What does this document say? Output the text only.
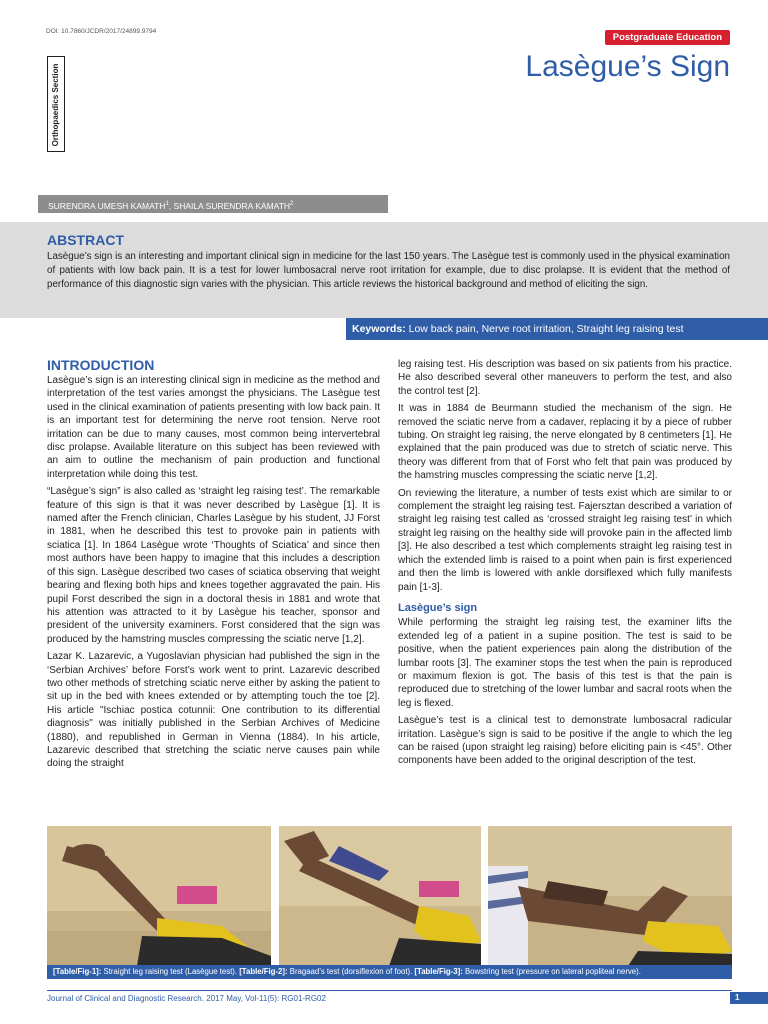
DOI: 10.7860/JCDR/2017/24899.9794
Postgraduate Education
Lasègue’s Sign
Orthopaedics Section
SURENDRA UMESH KAMATH$^1$, SHAILA SURENDRA KAMATH$^2$
ABSTRACT
Lasègue’s sign is an interesting and important clinical sign in medicine for the last 150 years. The Lasègue test is commonly used in the physical examination of patients with low back pain. It is a test for lower lumbosacral nerve root irritation for example, due to disc prolapse. It is evident that the method of performance of this diagnostic sign varies with the physician. This article reviews the historical background and method of eliciting the sign.
Keywords: Low back pain, Nerve root irritation, Straight leg raising test
INTRODUCTION

Lasègue’s sign is an interesting clinical sign in medicine as the method and interpretation of the test varies amongst the physicians. The Lasègue test used in the clinical examination of patients presenting with low back pain. It is an important test for determining the nerve root tension. Nerve root irritation can be due to many causes, most common being intervertebral disc prolapse. Available literature on this subject has been reviewed with an aim to outline the mechanism of pain production and functional interpretation while doing this test.

“Lasègue’s sign” is also called as ‘straight leg raising test’. The remarkable feature of this sign is that it was never described by Lasègue [1]. It is named after the French clinician, Charles Lasègue by his student, JJ Forst in 1881, when he described this test to provoke pain in patients with sciatica [1]. In 1864 Lasègue wrote ‘Thoughts of Sciatica’ and since then most authors have been happy to imagine that this includes a description of this sign. Lasègue described two cases of sciatica observing that weight bearing and flexing both hips and knees together aggravated the pain. His pupil Forst described the sign in a doctoral thesis in 1881 and wrote that his attention was attracted to it by Lasègue his teacher, sponsor and president of the university examiners. Forst considered that the sign was produced by the hamstring muscles compressing the sciatic nerve [1,2].

Lazar K. Lazarevic, a Yugoslavian physician had published the sign in the ‘Serbian Archives’ before Forst’s work went to print. Lazarevic described two other methods of stretching sciatic nerve either by asking the patient to sit up in the bed with knees extended or by attempting touch the toe [2]. His article "Ischiac postica cotunnii: One contribution to its differential diagnosis" was initially published in the Serbian Archives of Medicine (1880), and republished in German in Vienna (1884). In his article, Lazarevic described that stretching the sciatic nerve causes pain while doing the straight

leg raising test. His description was based on six patients from his practice. He also described several other maneuvers to perform the test, and also the control test [2].

It was in 1884 de Beurmann studied the mechanism of the sign. He removed the sciatic nerve from a cadaver, replacing it by a piece of rubber tubing. On straight leg raising, the nerve elongated by 8 centimeters [1]. He explained that the pain produced was due to stretch of sciatic nerve. This theory was different from that of Forst who felt that pain was produced by the hamstring muscles compressing the sciatic nerve [1,2].

On reviewing the literature, a number of tests exist which are similar to or complement the straight leg raising test. Fajersztan described a variation of straight leg raising test called as ‘crossed straight leg raising test’ in which straight leg raising on the healthy side will provoke pain in the affected limb [3]. He also described a test which complements straight leg raising test in which the extended limb is raised to a point when pain is first experienced and then the limb is lowered with ankle dorsiflexed which fully manifests pain [1-3].

Lasègue’s sign

While performing the straight leg raising test, the examiner lifts the extended leg of a patient in a supine position. The test is said to be positive, when the patient experiences pain along the distribution of the lumbar roots [3]. The examiner stops the test when the pain is reproduced or maximum flexion is got. The basis of this test is that the pain is reproduced due to stretching of the lower lumbar and sacral roots when the leg is flexed.

Lasègue’s test is a clinical test to demonstrate lumbosacral radicular irritation. Lasègue’s sign is said to be positive if the angle to which the leg can be raised (upon straight leg raising) before eliciting pain is <45°. Other components have been added to the original description of the test.

[Table/Fig-1]: Straight leg raising test (Lasègue test). [Table/Fig-2]: Bragaad’s test (dorsiflexion of foot). [Table/Fig-3]: Bowstring test (pressure on lateral popliteal nerve).
Journal of Clinical and Diagnostic Research. 2017 May, Vol-11(5): RG01-RG02	1
